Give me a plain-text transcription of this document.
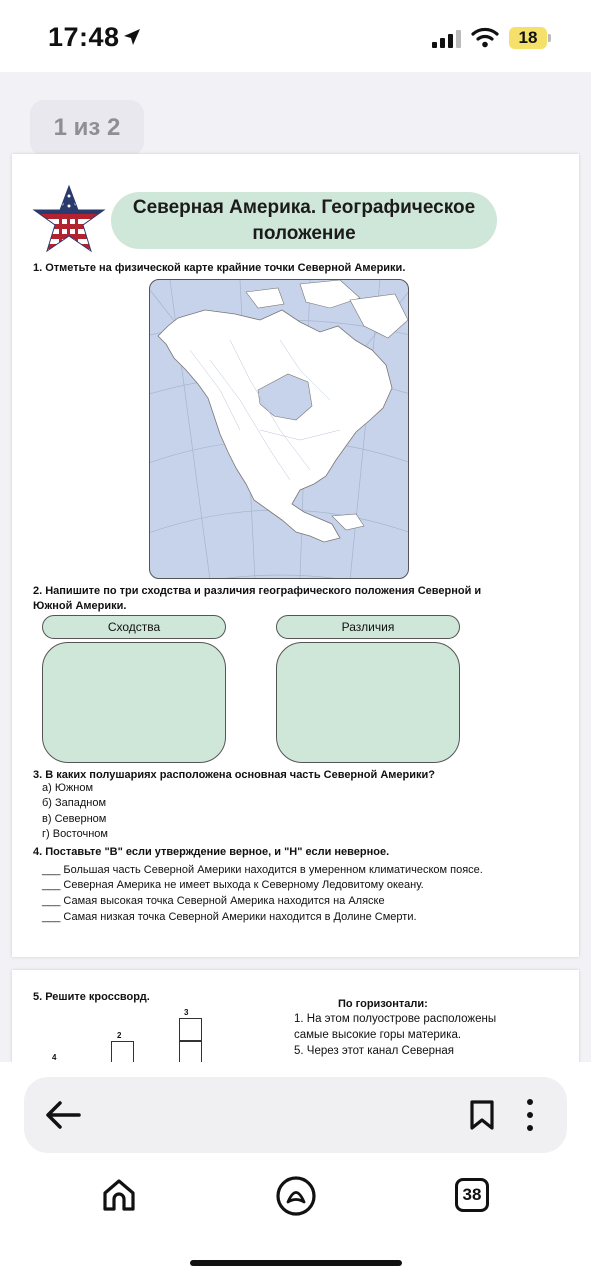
17:48	18
1 из 2
Северная Америка. Географическое
положение
1. Отметьте на физической карте крайние точки Северной Америки.
2. Напишите по три сходства и различия географического положения Северной и
Южной Америки.
Сходства	Различия
3. В каких полушариях расположена основная часть Северной Америки?
а) Южном
б) Западном
в) Северном
г) Восточном
4. Поставьте "В" если утверждение верное, и "Н" если неверное.
___ Большая часть Северной Америки находится в умеренном климатическом поясе.
___ Северная Америка не имеет выхода к Северному Ледовитому океану.
___ Самая высокая точка Северной Америка находится на Аляске
___ Самая низкая точка Северной Америки находится в Долине Смерти.
5. Решите кроссворд.
По горизонтали:
1. На этом полуострове расположены
самые высокие горы материка.
5. Через этот канал Северная
3
2
4
38
